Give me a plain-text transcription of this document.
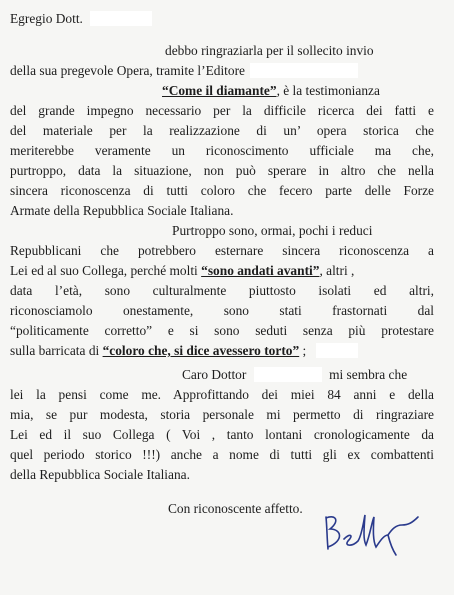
Egregio Dott.
debbo ringraziarla per il sollecito invio
della sua pregevole Opera, tramite l’Editore
“Come il diamante”, è la testimonianza
del grande impegno necessario per la difficile ricerca dei fatti e
del materiale per la realizzazione di un’ opera storica che
meriterebbe veramente un riconoscimento ufficiale ma che,
purtroppo, data la situazione, non può sperare in altro che nella
sincera riconoscenza di tutti coloro che fecero parte delle Forze
Armate della Repubblica Sociale Italiana.
Purtroppo sono, ormai, pochi i reduci
Repubblicani che potrebbero esternare sincera riconoscenza a
Lei ed al suo Collega, perché molti “sono andati avanti”, altri ,
data l’età, sono culturalmente piuttosto isolati ed altri,
riconosciamolo onestamente, sono stati frastornati dal
“politicamente corretto” e si sono seduti senza più protestare
sulla barricata di “coloro che, si dice avessero torto” ;
Caro Dottor	mi sembra che
lei la pensi come me. Approfittando dei miei 84 anni e della
mia, se pur modesta, storia personale mi permetto di ringraziare
Lei ed il suo Collega ( Voi , tanto lontani cronologicamente da
quel periodo storico !!!) anche a nome di tutti gli ex combattenti
della Repubblica Sociale Italiana.
Con riconoscente affetto.
